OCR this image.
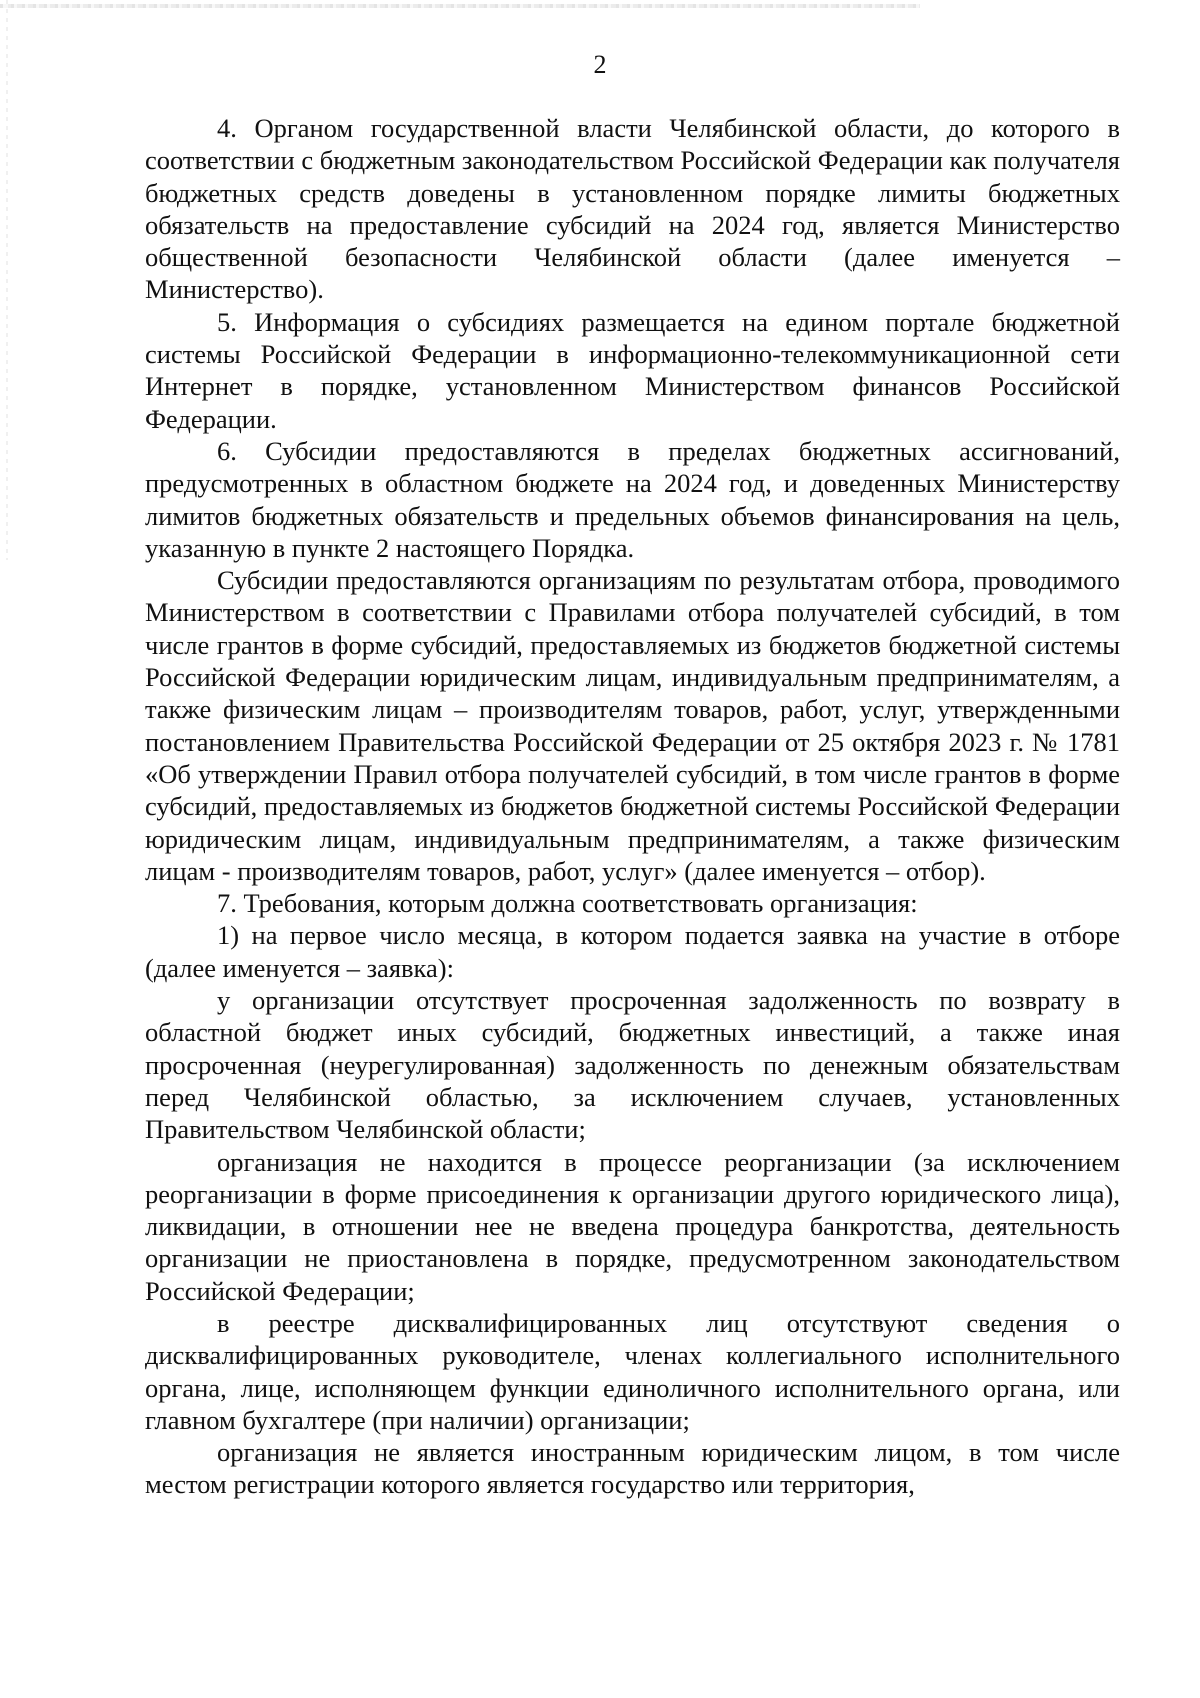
2

4. Органом государственной власти Челябинской области, до которого в соответствии с бюджетным законодательством Российской Федерации как получателя бюджетных средств доведены в установленном порядке лимиты бюджетных обязательств на предоставление субсидий на 2024 год, является Министерство общественной безопасности Челябинской области (далее именуется – Министерство).

5. Информация о субсидиях размещается на едином портале бюджетной системы Российской Федерации в информационно-телекоммуникационной сети Интернет в порядке, установленном Министерством финансов Российской Федерации.

6. Субсидии предоставляются в пределах бюджетных ассигнований, предусмотренных в областном бюджете на 2024 год, и доведенных Министерству лимитов бюджетных обязательств и предельных объемов финансирования на цель, указанную в пункте 2 настоящего Порядка.

Субсидии предоставляются организациям по результатам отбора, проводимого Министерством в соответствии с Правилами отбора получателей субсидий, в том числе грантов в форме субсидий, предоставляемых из бюджетов бюджетной системы Российской Федерации юридическим лицам, индивидуальным предпринимателям, а также физическим лицам – производителям товаров, работ, услуг, утвержденными постановлением Правительства Российской Федерации от 25 октября 2023 г. № 1781 «Об утверждении Правил отбора получателей субсидий, в том числе грантов в форме субсидий, предоставляемых из бюджетов бюджетной системы Российской Федерации юридическим лицам, индивидуальным предпринимателям, а также физическим лицам - производителям товаров, работ, услуг» (далее именуется – отбор).

7. Требования, которым должна соответствовать организация:

1) на первое число месяца, в котором подается заявка на участие в отборе (далее именуется – заявка):

у организации отсутствует просроченная задолженность по возврату в областной бюджет иных субсидий, бюджетных инвестиций, а также иная просроченная (неурегулированная) задолженность по денежным обязательствам перед Челябинской областью, за исключением случаев, установленных Правительством Челябинской области;

организация не находится в процессе реорганизации (за исключением реорганизации в форме присоединения к организации другого юридического лица), ликвидации, в отношении нее не введена процедура банкротства, деятельность организации не приостановлена в порядке, предусмотренном законодательством Российской Федерации;

в реестре дисквалифицированных лиц отсутствуют сведения о дисквалифицированных руководителе, членах коллегиального исполнительного органа, лице, исполняющем функции единоличного исполнительного органа, или главном бухгалтере (при наличии) организации;

организация не является иностранным юридическим лицом, в том числе местом регистрации которого является государство или территория,
